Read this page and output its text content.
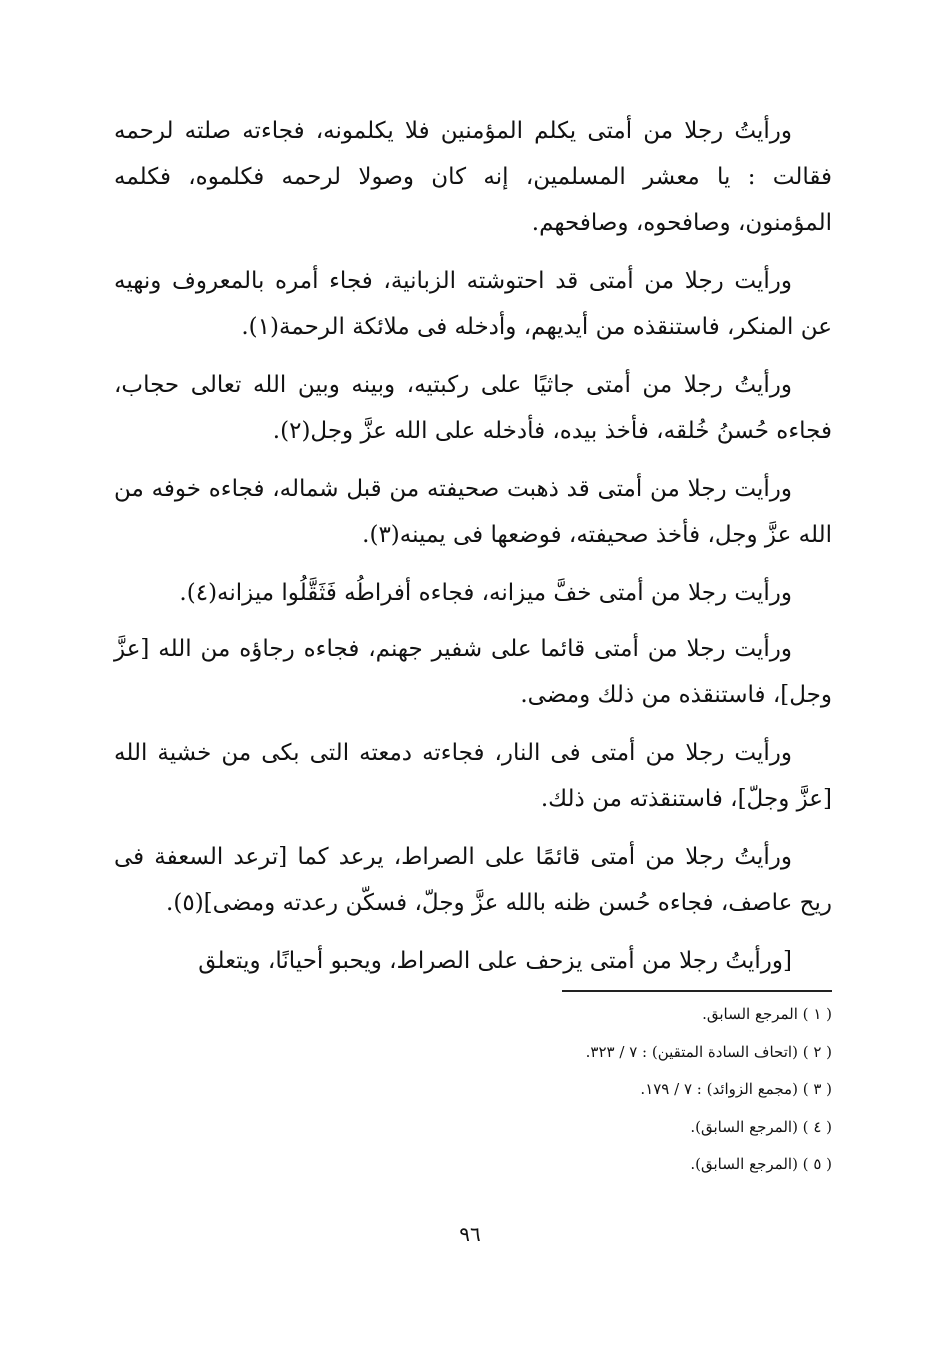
ورأيتُ رجلا من أمتى يكلم المؤمنين فلا يكلمونه، فجاءته صلته لرحمه فقالت : يا معشر المسلمين، إنه كان وصولا لرحمه فكلموه، فكلمه المؤمنون، وصافحوه، وصافحهم.

ورأيت رجلا من أمتى قد احتوشته الزبانية، فجاء أمره بالمعروف ونهيه عن المنكر، فاستنقذه من أيديهم، وأدخله فى ملائكة الرحمة(١).

ورأيتُ رجلا من أمتى جاثيًا على ركبتيه، وبينه وبين الله تعالى حجاب، فجاءه حُسنُ خُلقه، فأخذ بيده، فأدخله على الله عزَّ وجل(٢).

ورأيت رجلا من أمتى قد ذهبت صحيفته من قبل شماله، فجاءه خوفه من الله عزَّ وجل، فأخذ صحيفته، فوضعها فى يمينه(٣).

ورأيت رجلا من أمتى خفَّ ميزانه، فجاءه أفراطُه فَثَقَّلُوا ميزانه(٤).

ورأيت رجلا من أمتى قائما على شفير جهنم، فجاءه رجاؤه من الله [عزَّ وجل]، فاستنقذه من ذلك ومضى.

ورأيت رجلا من أمتى فى النار، فجاءته دمعته التى بكى من خشية الله [عزَّ وجلّ]، فاستنقذته من ذلك.

ورأيتُ رجلا من أمتى قائمًا على الصراط، يرعد كما [ترعد السعفة فى ريح عاصف، فجاءه حُسن ظنه بالله عزَّ وجلّ، فسكّن رعدته ومضى](٥).

[ورأيتُ رجلا من أمتى يزحف على الصراط، ويحبو أحيانًا، ويتعلق

( ١ ) المرجع السابق.

( ٢ ) (اتحاف السادة المتقين) : ٧ / ٣٢٣.

( ٣ ) (مجمع الزوائد) : ٧ / ١٧٩.

( ٤ ) (المرجع السابق).

( ٥ ) (المرجع السابق).

٩٦
